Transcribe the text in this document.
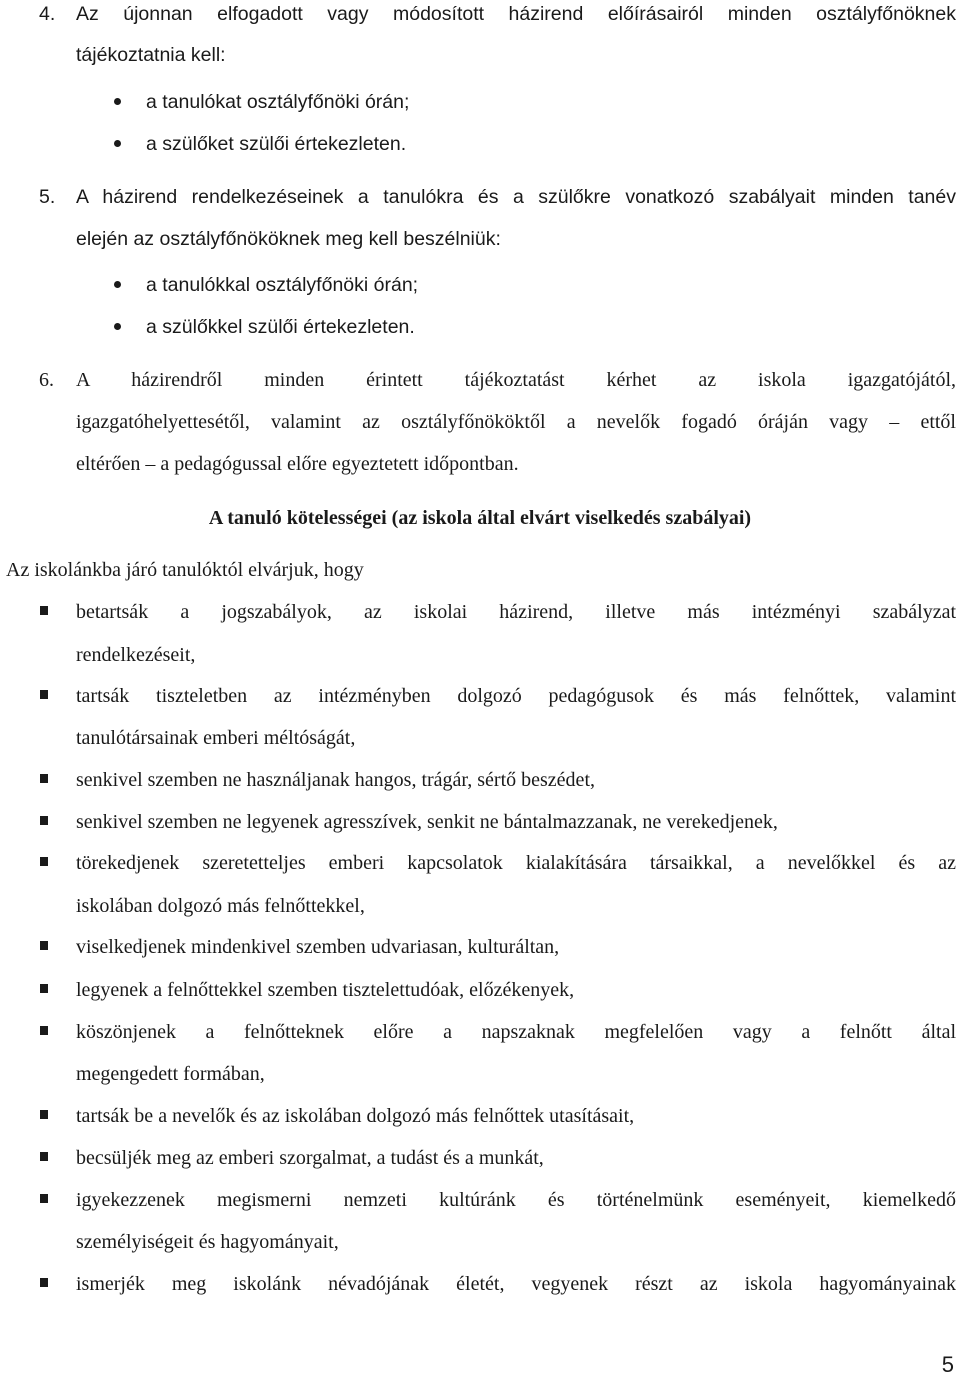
4. Az újonnan elfogadott vagy módosított házirend előírásairól minden osztályfőnöknek
tájékoztatnia kell:
a tanulókat osztályfőnöki órán;
a szülőket szülői értekezleten.
5. A házirend rendelkezéseinek a tanulókra és a szülőkre vonatkozó szabályait minden tanév
elején az osztályfőnököknek meg kell beszélniük:
a tanulókkal osztályfőnöki órán;
a szülőkkel szülői értekezleten.
6. A házirendről minden érintett tájékoztatást kérhet az iskola igazgatójától,
igazgatóhelyettesétől, valamint az osztályfőnököktől a nevelők fogadó óráján vagy – ettől
eltérően – a pedagógussal előre egyeztetett időpontban.
A tanuló kötelességei (az iskola által elvárt viselkedés szabályai)
Az iskolánkba járó tanulóktól elvárjuk, hogy
betartsák a jogszabályok, az iskolai házirend, illetve más intézményi szabályzat
rendelkezéseit,
tartsák tiszteletben az intézményben dolgozó pedagógusok és más felnőttek, valamint
tanulótársainak emberi méltóságát,
senkivel szemben ne használjanak hangos, trágár, sértő beszédet,
senkivel szemben ne legyenek agresszívek, senkit ne bántalmazzanak, ne verekedjenek,
törekedjenek szeretetteljes emberi kapcsolatok kialakítására társaikkal, a nevelőkkel és az
iskolában dolgozó más felnőttekkel,
viselkedjenek mindenkivel szemben udvariasan, kulturáltan,
legyenek a felnőttekkel szemben tisztelettudóak, előzékenyek,
köszönjenek a felnőtteknek előre a napszaknak megfelelően vagy a felnőtt által
megengedett formában,
tartsák be a nevelők és az iskolában dolgozó más felnőttek utasításait,
becsüljék meg az emberi szorgalmat, a tudást és a munkát,
igyekezzenek megismerni nemzeti kultúránk és történelmünk eseményeit, kiemelkedő
személyiségeit és hagyományait,
ismerjék meg iskolánk névadójának életét, vegyenek részt az iskola hagyományainak
5
